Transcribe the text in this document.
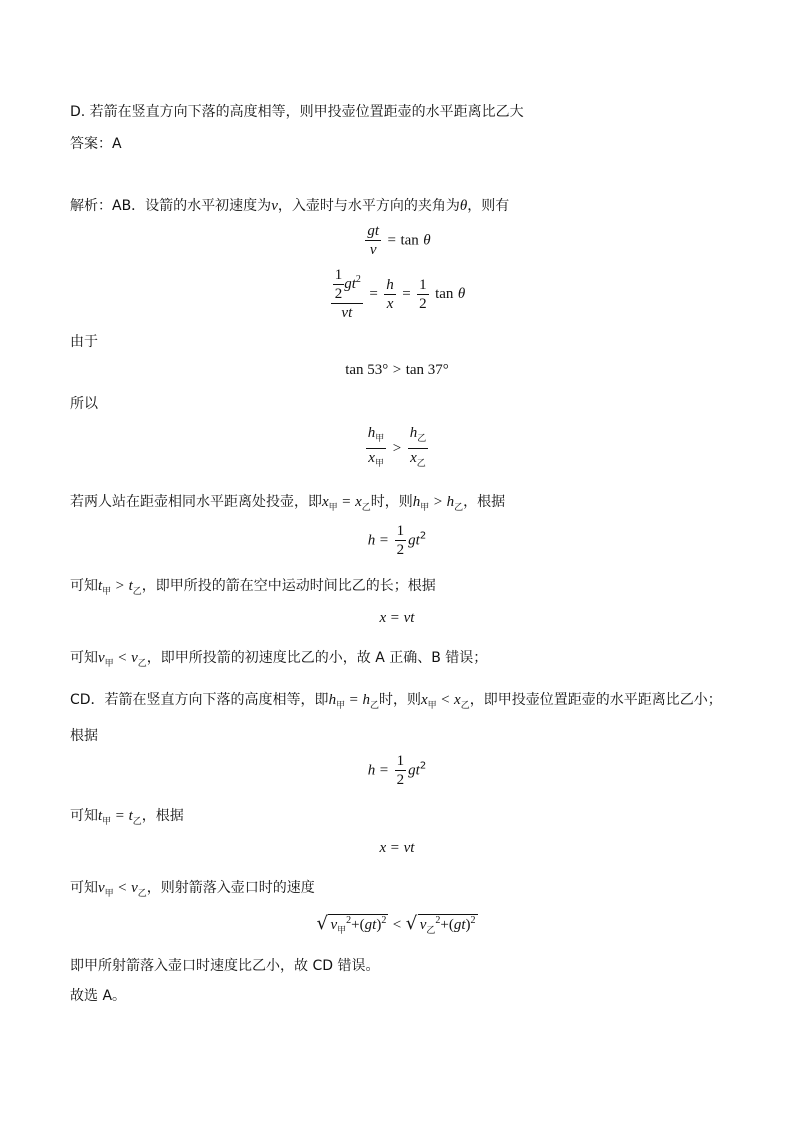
D. 若箭在竖直方向下落的高度相等，则甲投壶位置距壶的水平距离比乙大
答案：A
解析：AB．设箭的水平初速度为v，入壶时与水平方向的夹角为θ，则有
$\frac{gt}{v} = \tan \theta$
$\frac{\frac{1}{2} gt^2}{vt} = \frac{h}{x} = \frac{1}{2}$ tan θ
由于
tan 53° > tan 37°
所以
$\frac{h_甲}{x_甲} > \frac{h_乙}{x_乙}$
若两人站在距壶相同水平距离处投壶，即$x_甲 = x_乙$时，则$h_甲 > h_乙$，根据
$h = \frac{1}{2} gt^2$
可知$t_甲 > t_乙$，即甲所投的箭在空中运动时间比乙的长；根据
x = vt
可知$v_甲 < v_乙$，即甲所投箭的初速度比乙的小，故 A 正确、B 错误；
CD．若箭在竖直方向下落的高度相等，即$h_甲 = h_乙$时，则$x_甲 < x_乙$，即甲投壶位置距壶的水平距离比乙小；
根据
$h = \frac{1}{2} gt^2$
可知$t_甲 = t_乙$，根据
x = vt
可知$v_甲 < v_乙$，则射箭落入壶口时的速度
√ $v_甲^2+(gt)^2$ < √ $v_乙^2+(gt)^2$
即甲所射箭落入壶口时速度比乙小，故 CD 错误。
故选 A。
